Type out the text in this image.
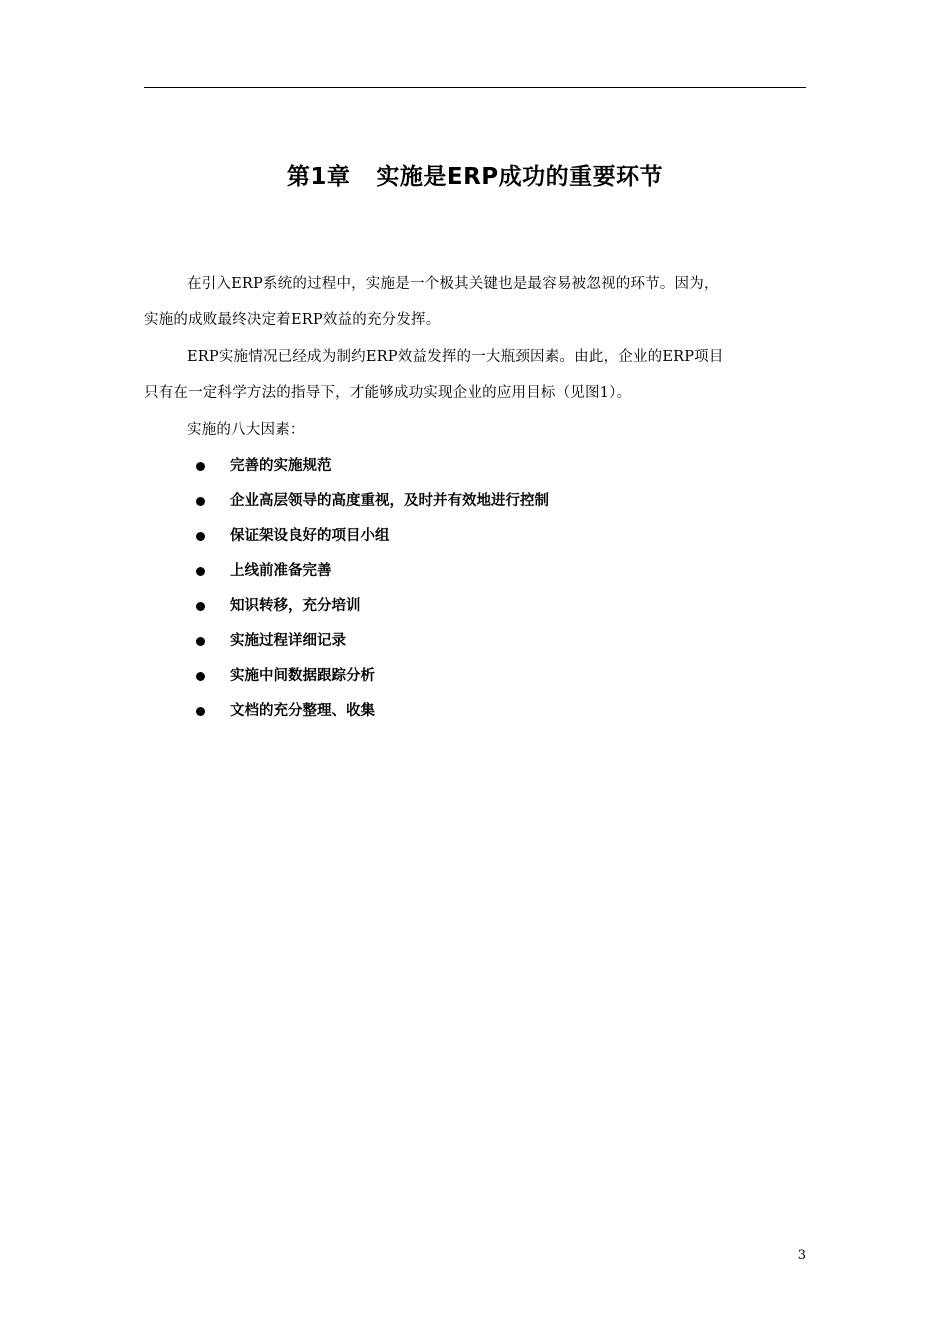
第1章 实施是ERP成功的重要环节

在引入ERP系统的过程中，实施是一个极其关键也是最容易被忽视的环节。因为，
实施的成败最终决定着ERP效益的充分发挥。

ERP实施情况已经成为制约ERP效益发挥的一大瓶颈因素。由此，企业的ERP项目
只有在一定科学方法的指导下，才能够成功实现企业的应用目标（见图1）。

实施的八大因素：

完善的实施规范
企业高层领导的高度重视，及时并有效地进行控制
保证架设良好的项目小组
上线前准备完善
知识转移，充分培训
实施过程详细记录
实施中间数据跟踪分析
文档的充分整理、收集
3
